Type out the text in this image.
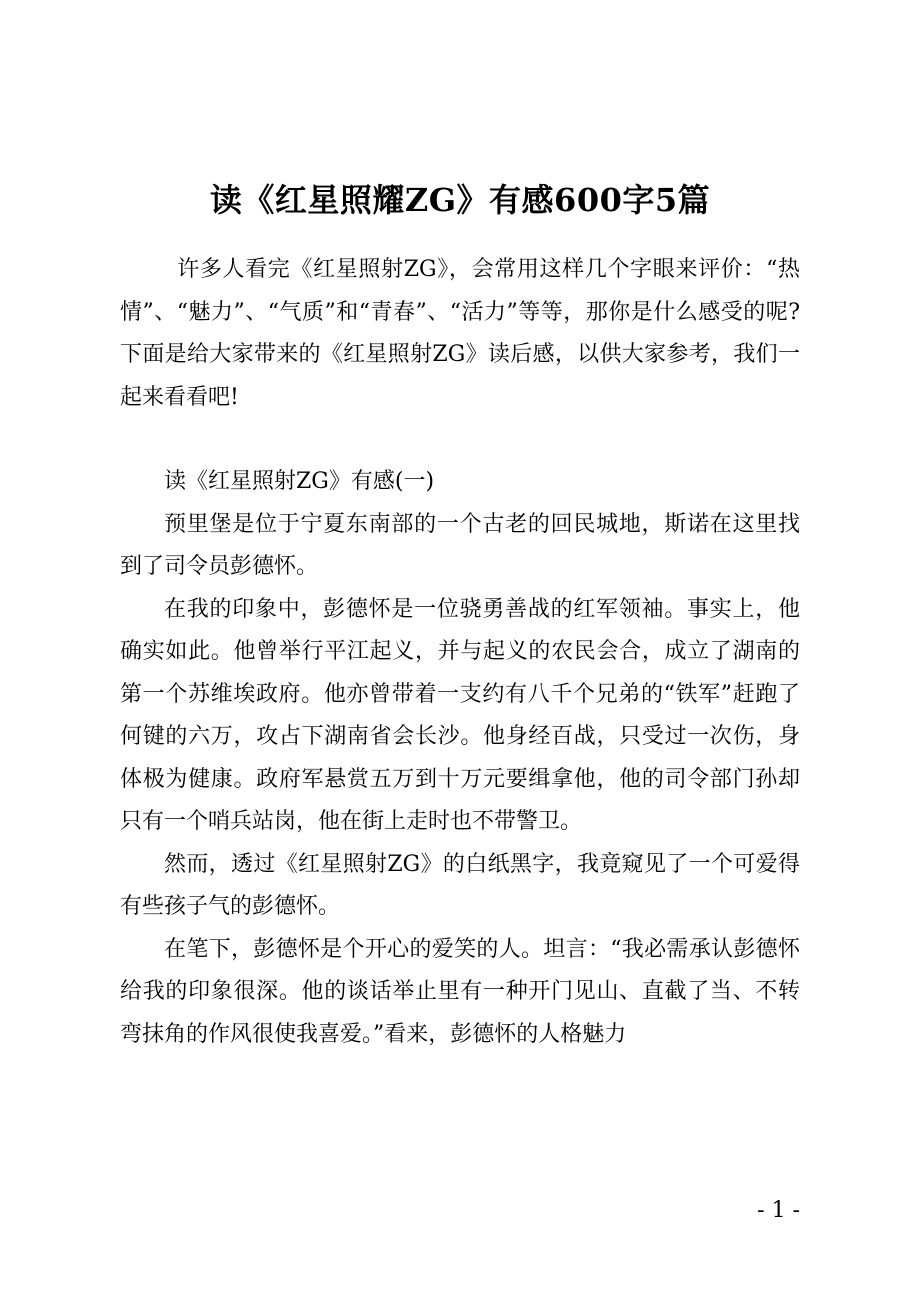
读《红星照耀ZG》有感600字5篇

许多人看完《红星照射ZG》，会常用这样几个字眼来评价：“热情”、“魅力”、“气质”和“青春”、“活力”等等，那你是什么感受的呢?下面是给大家带来的《红星照射ZG》读后感，以供大家参考，我们一起来看看吧!

读《红星照射ZG》有感(一)

预里堡是位于宁夏东南部的一个古老的回民城地，斯诺在这里找到了司令员彭德怀。

在我的印象中，彭德怀是一位骁勇善战的红军领袖。事实上，他确实如此。他曾举行平江起义，并与起义的农民会合，成立了湖南的第一个苏维埃政府。他亦曾带着一支约有八千个兄弟的“铁军”赶跑了何键的六万，攻占下湖南省会长沙。他身经百战，只受过一次伤，身体极为健康。政府军悬赏五万到十万元要缉拿他，他的司令部门孙却只有一个哨兵站岗，他在街上走时也不带警卫。

然而，透过《红星照射ZG》的白纸黑字，我竟窥见了一个可爱得有些孩子气的彭德怀。

在笔下，彭德怀是个开心的爱笑的人。坦言：“我必需承认彭德怀给我的印象很深。他的谈话举止里有一种开门见山、直截了当、不转弯抹角的作风很使我喜爱。”看来，彭德怀的人格魅力

- 1 -
